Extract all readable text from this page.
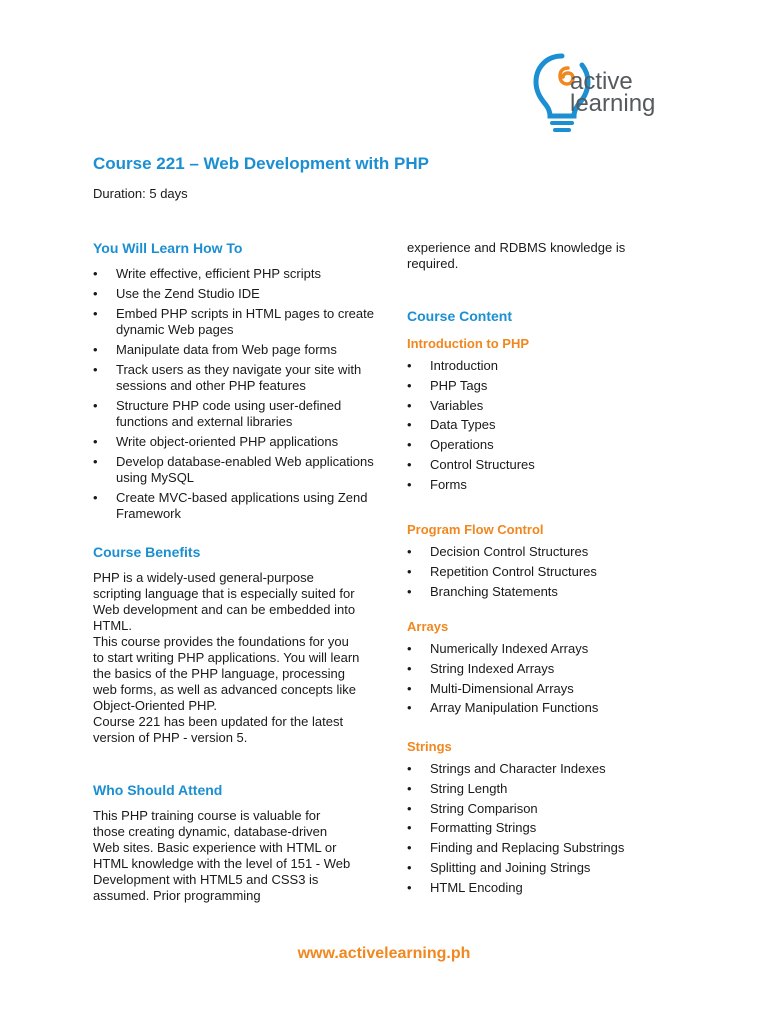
active
learning
Course 221 – Web Development with PHP
Duration: 5 days
You Will Learn How To
• Write effective, efficient PHP scripts
• Use the Zend Studio IDE
• Embed PHP scripts in HTML pages to create dynamic Web pages
• Manipulate data from Web page forms
• Track users as they navigate your site with sessions and other PHP features
• Structure PHP code using user-defined functions and external libraries
• Write object-oriented PHP applications
• Develop database-enabled Web applications using MySQL
• Create MVC-based applications using Zend Framework
Course Benefits
PHP is a widely-used general-purpose scripting language that is especially suited for Web development and can be embedded into HTML.
This course provides the foundations for you to start writing PHP applications. You will learn the basics of the PHP language, processing web forms, as well as advanced concepts like Object-Oriented PHP.
Course 221 has been updated for the latest version of PHP - version 5.
Who Should Attend
This PHP training course is valuable for those creating dynamic, database-driven Web sites. Basic experience with HTML or HTML knowledge with the level of 151 - Web Development with HTML5 and CSS3 is assumed. Prior programming
experience and RDBMS knowledge is required.
Course Content
Introduction to PHP
• Introduction
• PHP Tags
• Variables
• Data Types
• Operations
• Control Structures
• Forms
Program Flow Control
• Decision Control Structures
• Repetition Control Structures
• Branching Statements
Arrays
• Numerically Indexed Arrays
• String Indexed Arrays
• Multi-Dimensional Arrays
• Array Manipulation Functions
Strings
• Strings and Character Indexes
• String Length
• String Comparison
• Formatting Strings
• Finding and Replacing Substrings
• Splitting and Joining Strings
• HTML Encoding
www.activelearning.ph
